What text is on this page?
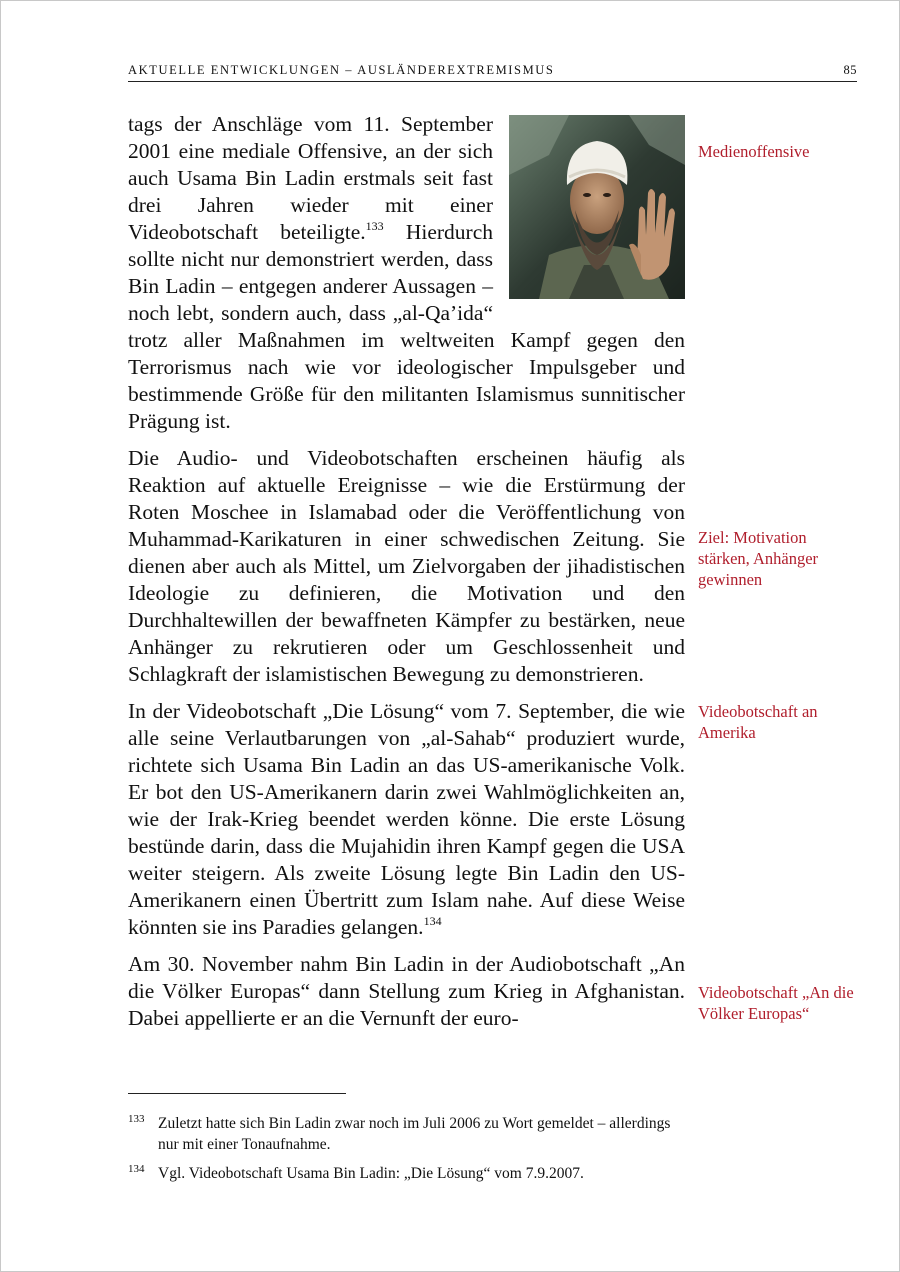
AKTUELLE ENTWICKLUNGEN – AUSLÄNDEREXTREMISMUS	85

tags der Anschläge vom 11. September 2001 eine mediale Offensive, an der sich auch Usama Bin Ladin erstmals seit fast drei Jahren wieder mit einer Videobotschaft beteiligte.$^{133}$ Hierdurch sollte nicht nur demonstriert werden, dass Bin Ladin – entgegen anderer Aussagen – noch lebt, sondern auch, dass „al-Qa’ida“ trotz aller Maßnahmen im weltweiten Kampf gegen den Terrorismus nach wie vor ideologischer Impulsgeber und bestimmende Größe für den militanten Islamismus sunnitischer Prägung ist.

Die Audio- und Videobotschaften erscheinen häufig als Reaktion auf aktuelle Ereignisse – wie die Erstürmung der Roten Moschee in Islamabad oder die Veröffentlichung von Muhammad-Karikaturen in einer schwedischen Zeitung. Sie dienen aber auch als Mittel, um Zielvorgaben der jihadistischen Ideologie zu definieren, die Motivation und den Durchhaltewillen der bewaffneten Kämpfer zu bestärken, neue Anhänger zu rekrutieren oder um Geschlossenheit und Schlagkraft der islamistischen Bewegung zu demonstrieren.

In der Videobotschaft „Die Lösung“ vom 7. September, die wie alle seine Verlautbarungen von „al-Sahab“ produziert wurde, richtete sich Usama Bin Ladin an das US-amerikanische Volk. Er bot den US-Amerikanern darin zwei Wahlmöglichkeiten an, wie der Irak-Krieg beendet werden könne. Die erste Lösung bestünde darin, dass die Mujahidin ihren Kampf gegen die USA weiter steigern. Als zweite Lösung legte Bin Ladin den US-Amerikanern einen Übertritt zum Islam nahe. Auf diese Weise könnten sie ins Paradies gelangen.$^{134}$

Am 30. November nahm Bin Ladin in der Audiobotschaft „An die Völker Europas“ dann Stellung zum Krieg in Afghanistan. Dabei appellierte er an die Vernunft der euro-

Medienoffensive
Ziel: Motivation stärken, Anhänger gewinnen
Videobotschaft an Amerika
Videobotschaft „An die Völker Europas“
133 Zuletzt hatte sich Bin Ladin zwar noch im Juli 2006 zu Wort gemeldet – allerdings nur mit einer Tonaufnahme.
134 Vgl. Videobotschaft Usama Bin Ladin: „Die Lösung“ vom 7.9.2007.
